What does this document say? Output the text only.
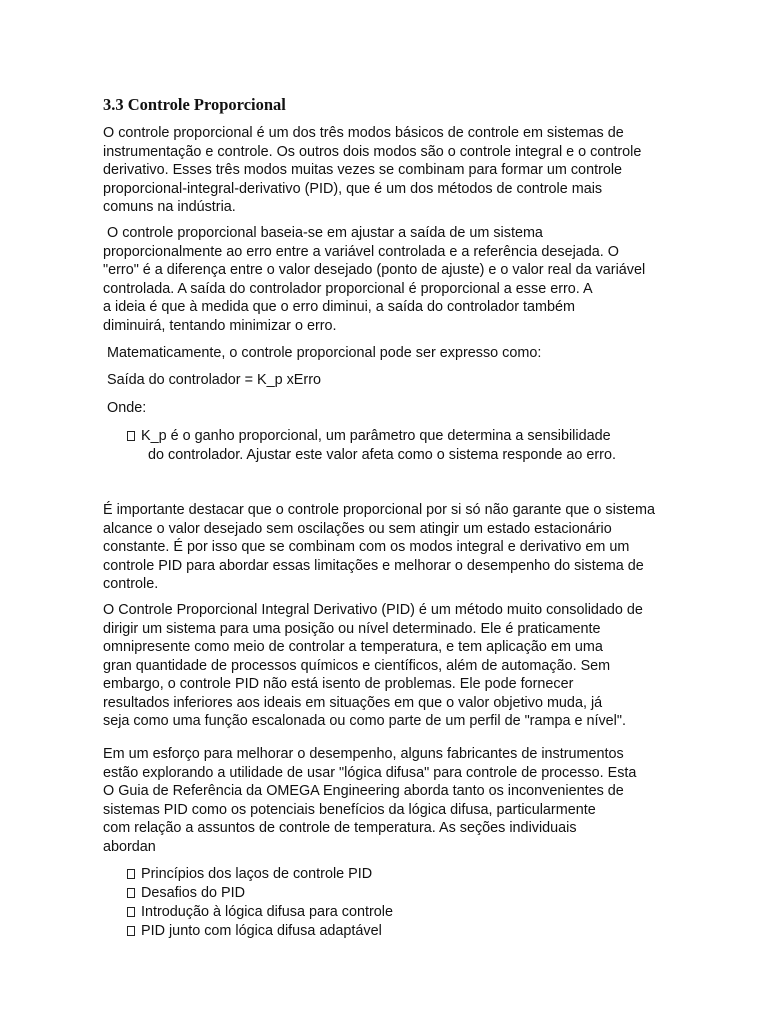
3.3 Controle Proporcional
O controle proporcional é um dos três modos básicos de controle em sistemas de
instrumentação e controle. Os outros dois modos são o controle integral e o controle
derivativo. Esses três modos muitas vezes se combinam para formar um controle
proporcional-integral-derivativo (PID), que é um dos métodos de controle mais
comuns na indústria.
O controle proporcional baseia-se em ajustar a saída de um sistema
proporcionalmente ao erro entre a variável controlada e a referência desejada. O
"erro" é a diferença entre o valor desejado (ponto de ajuste) e o valor real da variável
controlada. A saída do controlador proporcional é proporcional a esse erro. A
a ideia é que à medida que o erro diminui, a saída do controlador também
diminuirá, tentando minimizar o erro.
Matematicamente, o controle proporcional pode ser expresso como:
Saída do controlador = K_p xErro
Onde:
K_p é o ganho proporcional, um parâmetro que determina a sensibilidade
do controlador. Ajustar este valor afeta como o sistema responde ao erro.
É importante destacar que o controle proporcional por si só não garante que o sistema
alcance o valor desejado sem oscilações ou sem atingir um estado estacionário
constante. É por isso que se combinam com os modos integral e derivativo em um
controle PID para abordar essas limitações e melhorar o desempenho do sistema de
controle.
O Controle Proporcional Integral Derivativo (PID) é um método muito consolidado de
dirigir um sistema para uma posição ou nível determinado. Ele é praticamente
omnipresente como meio de controlar a temperatura, e tem aplicação em uma
gran quantidade de processos químicos e científicos, além de automação. Sem
embargo, o controle PID não está isento de problemas. Ele pode fornecer
resultados inferiores aos ideais em situações em que o valor objetivo muda, já
seja como uma função escalonada ou como parte de um perfil de "rampa e nível".
Em um esforço para melhorar o desempenho, alguns fabricantes de instrumentos
estão explorando a utilidade de usar "lógica difusa" para controle de processo. Esta
O Guia de Referência da OMEGA Engineering aborda tanto os inconvenientes de
sistemas PID como os potenciais benefícios da lógica difusa, particularmente
com relação a assuntos de controle de temperatura. As seções individuais
abordan
Princípios dos laços de controle PID
Desafios do PID
Introdução à lógica difusa para controle
PID junto com lógica difusa adaptável
